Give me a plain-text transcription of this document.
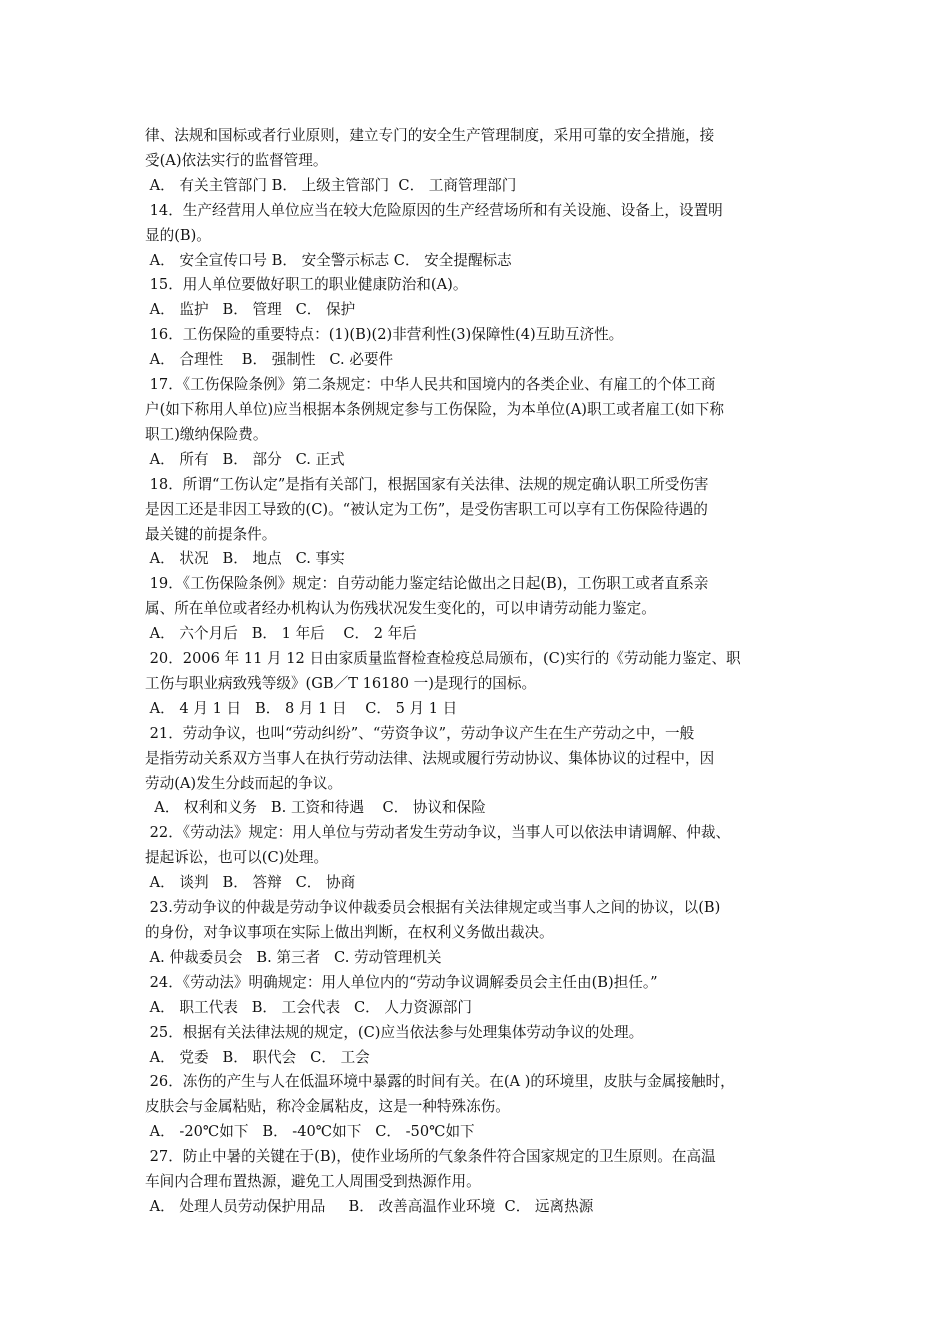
律、法规和国标或者行业原则，建立专门的安全生产管理制度，采用可靠的安全措施，接
受(A)依法实行的监督管理。
A． 有关主管部门 B． 上级主管部门  C． 工商管理部门
14．生产经营用人单位应当在较大危险原因的生产经营场所和有关设施、设备上，设置明
显的(B)。
A． 安全宣传口号 B． 安全警示标志 C． 安全提醒标志
15．用人单位要做好职工的职业健康防治和(A)。
A． 监护   B． 管理   C． 保护
16．工伤保险的重要特点：(1)(B)(2)非营利性(3)保障性(4)互助互济性。
A． 合理性    B． 强制性   C. 必要件
17．《工伤保险条例》第二条规定：中华人民共和国境内的各类企业、有雇工的个体工商
户(如下称用人单位)应当根据本条例规定参与工伤保险，为本单位(A)职工或者雇工(如下称
职工)缴纳保险费。
A． 所有   B． 部分   C. 正式
18．所谓“工伤认定”是指有关部门，根据国家有关法律、法规的规定确认职工所受伤害
是因工还是非因工导致的(C)。“被认定为工伤”，是受伤害职工可以享有工伤保险待遇的
最关键的前提条件。
A． 状况   B． 地点   C. 事实
19．《工伤保险条例》规定：自劳动能力鉴定结论做出之日起(B)，工伤职工或者直系亲
属、所在单位或者经办机构认为伤残状况发生变化的，可以申请劳动能力鉴定。
A． 六个月后   B． 1 年后    C． 2 年后
20．2006 年 11 月 12 日由家质量监督检查检疫总局颁布，(C)实行的《劳动能力鉴定、职
工伤与职业病致残等级》(GB／T 16180 一)是现行的国标。
A． 4 月 1 日   B． 8 月 1 日    C． 5 月 1 日
21．劳动争议，也叫“劳动纠纷”、“劳资争议”，劳动争议产生在生产劳动之中，一般
是指劳动关系双方当事人在执行劳动法律、法规或履行劳动协议、集体协议的过程中，因
劳动(A)发生分歧而起的争议。
A． 权利和义务   B. 工资和待遇    C． 协议和保险
22．《劳动法》规定：用人单位与劳动者发生劳动争议，当事人可以依法申请调解、仲裁、
提起诉讼，也可以(C)处理。
A． 谈判   B． 答辩   C． 协商
23.劳动争议的仲裁是劳动争议仲裁委员会根据有关法律规定或当事人之间的协议，以(B)
的身份，对争议事项在实际上做出判断，在权利义务做出裁决。
A. 仲裁委员会   B. 第三者   C. 劳动管理机关
24．《劳动法》明确规定：用人单位内的“劳动争议调解委员会主任由(B)担任。”
A． 职工代表   B． 工会代表   C． 人力资源部门
25．根据有关法律法规的规定，(C)应当依法参与处理集体劳动争议的处理。
A． 党委   B． 职代会   C． 工会
26．冻伤的产生与人在低温环境中暴露的时间有关。在(A )的环境里，皮肤与金属接触时，
皮肤会与金属粘贴，称冷金属粘皮，这是一种特殊冻伤。
A． -20℃如下   B． -40℃如下   C． -50℃如下
27．防止中暑的关键在于(B)，使作业场所的气象条件符合国家规定的卫生原则。在高温
车间内合理布置热源，避免工人周围受到热源作用。
A． 处理人员劳动保护用品     B． 改善高温作业环境  C． 远离热源
